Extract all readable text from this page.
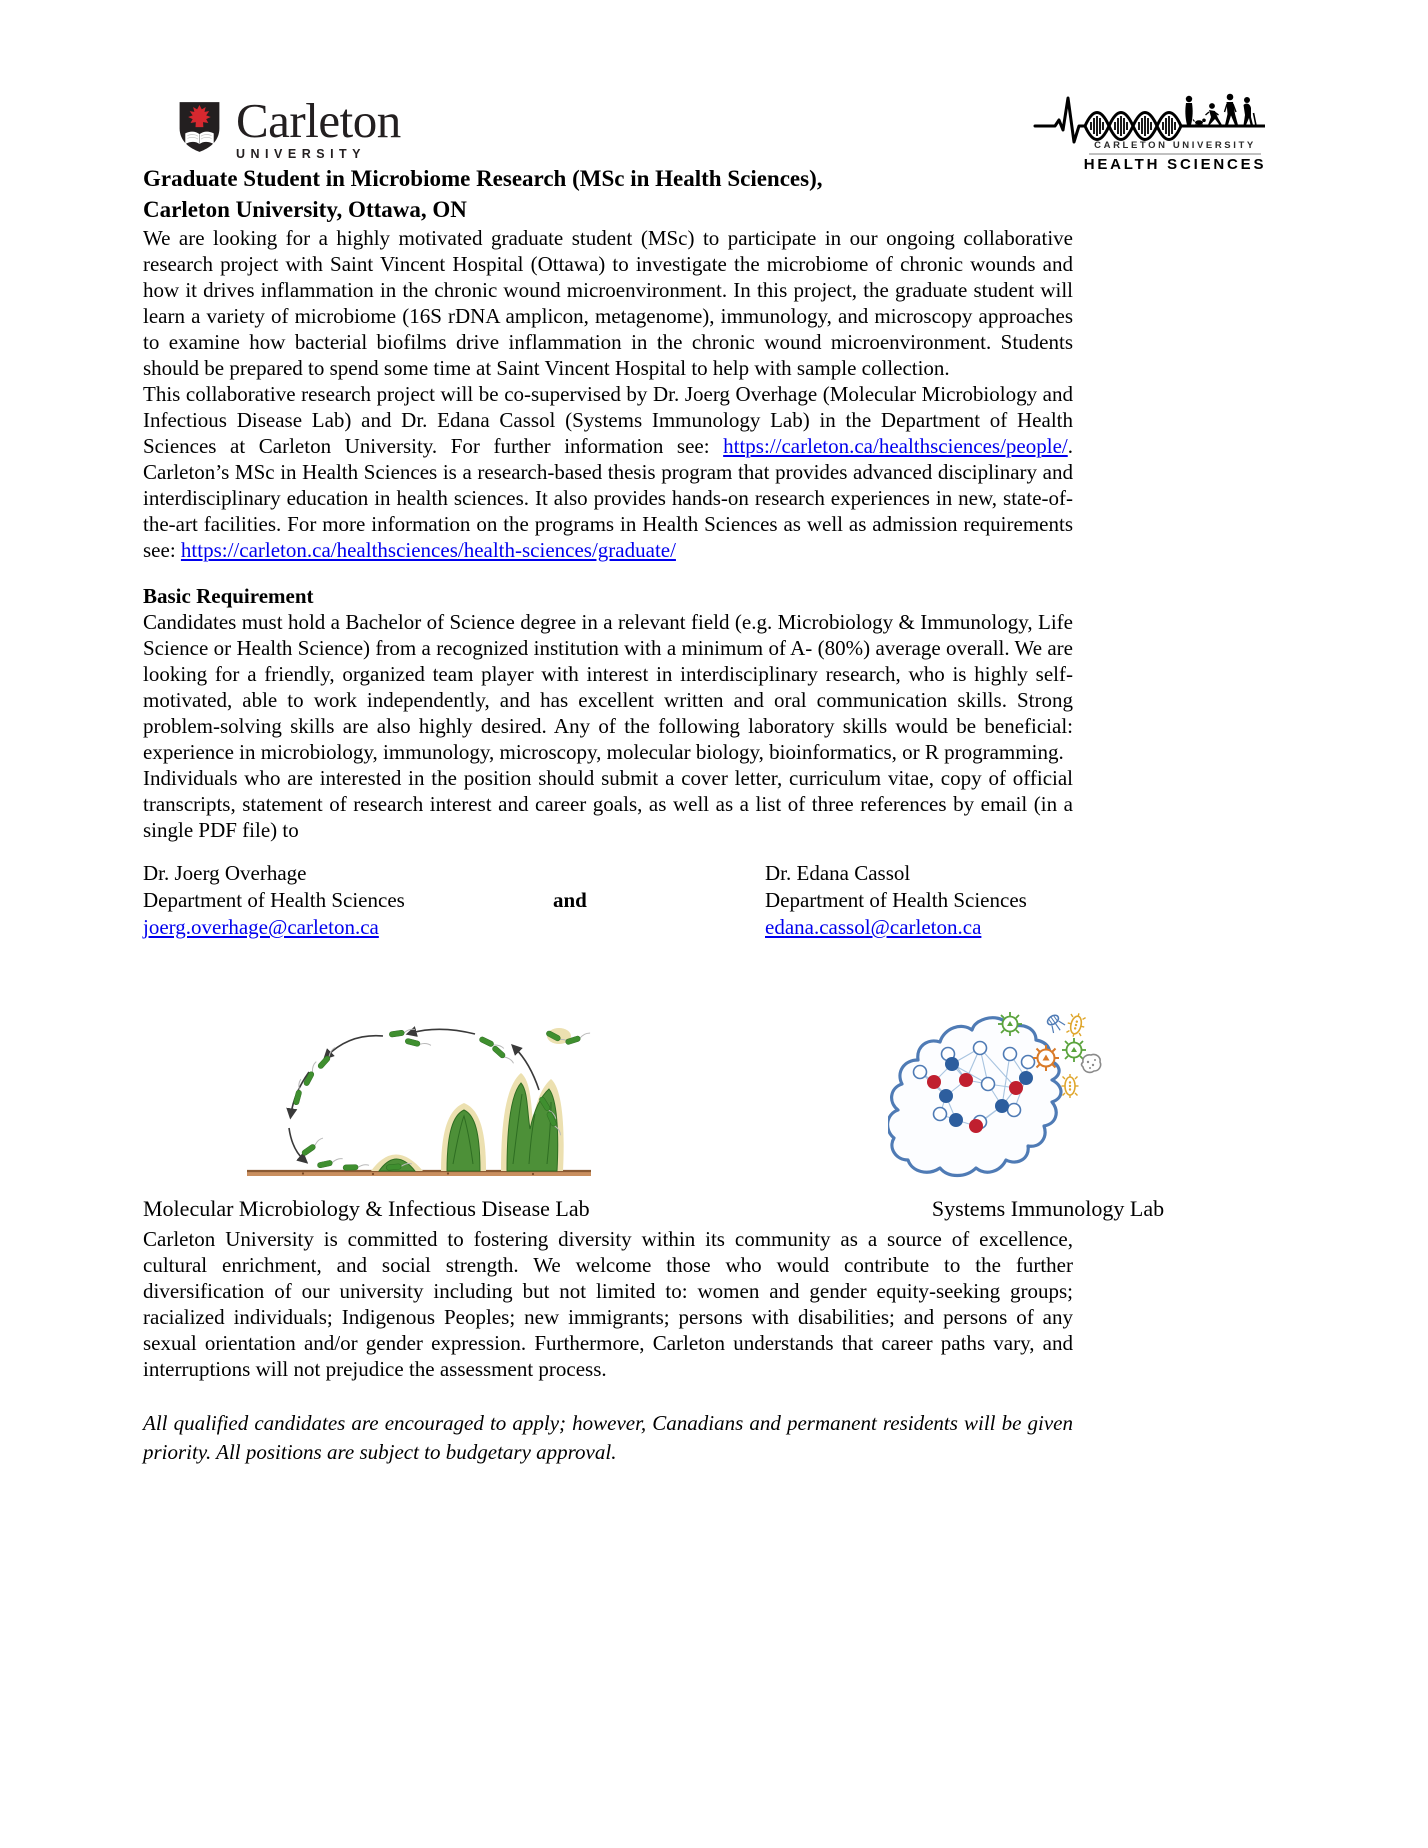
Carleton
UNIVERSITY
CARLETON UNIVERSITY
HEALTH SCIENCES
Graduate Student in Microbiome Research (MSc in Health Sciences),
Carleton University, Ottawa, ON

We are looking for a highly motivated graduate student (MSc) to participate in our ongoing collaborative research project with Saint Vincent Hospital (Ottawa) to investigate the microbiome of chronic wounds and how it drives inflammation in the chronic wound microenvironment. In this project, the graduate student will learn a variety of microbiome (16S rDNA amplicon, metagenome), immunology, and microscopy approaches to examine how bacterial biofilms drive inflammation in the chronic wound microenvironment. Students should be prepared to spend some time at Saint Vincent Hospital to help with sample collection.

This collaborative research project will be co-supervised by Dr. Joerg Overhage (Molecular Microbiology and Infectious Disease Lab) and Dr. Edana Cassol (Systems Immunology Lab) in the Department of Health Sciences at Carleton University. For further information see: https://carleton.ca/healthsciences/people/. Carleton’s MSc in Health Sciences is a research-based thesis program that provides advanced disciplinary and interdisciplinary education in health sciences. It also provides hands-on research experiences in new, state-of-the-art facilities. For more information on the programs in Health Sciences as well as admission requirements see: https://carleton.ca/healthsciences/health-sciences/graduate/

Basic Requirement

Candidates must hold a Bachelor of Science degree in a relevant field (e.g. Microbiology & Immunology, Life Science or Health Science) from a recognized institution with a minimum of A- (80%) average overall. We are looking for a friendly, organized team player with interest in interdisciplinary research, who is highly self-motivated, able to work independently, and has excellent written and oral communication skills. Strong problem-solving skills are also highly desired. Any of the following laboratory skills would be beneficial: experience in microbiology, immunology, microscopy, molecular biology, bioinformatics, or R programming.

Individuals who are interested in the position should submit a cover letter, curriculum vitae, copy of official transcripts, statement of research interest and career goals, as well as a list of three references by email (in a single PDF file) to

Dr. Joerg Overhage
Department of Health Sciences
joerg.overhage@carleton.ca
and
Dr. Edana Cassol
Department of Health Sciences
edana.cassol@carleton.ca
Molecular Microbiology & Infectious Disease Lab	Systems Immunology Lab

Carleton University is committed to fostering diversity within its community as a source of excellence, cultural enrichment, and social strength. We welcome those who would contribute to the further diversification of our university including but not limited to: women and gender equity-seeking groups; racialized individuals; Indigenous Peoples; new immigrants; persons with disabilities; and persons of any sexual orientation and/or gender expression. Furthermore, Carleton understands that career paths vary, and interruptions will not prejudice the assessment process.

All qualified candidates are encouraged to apply; however, Canadians and permanent residents will be given priority. All positions are subject to budgetary approval.
